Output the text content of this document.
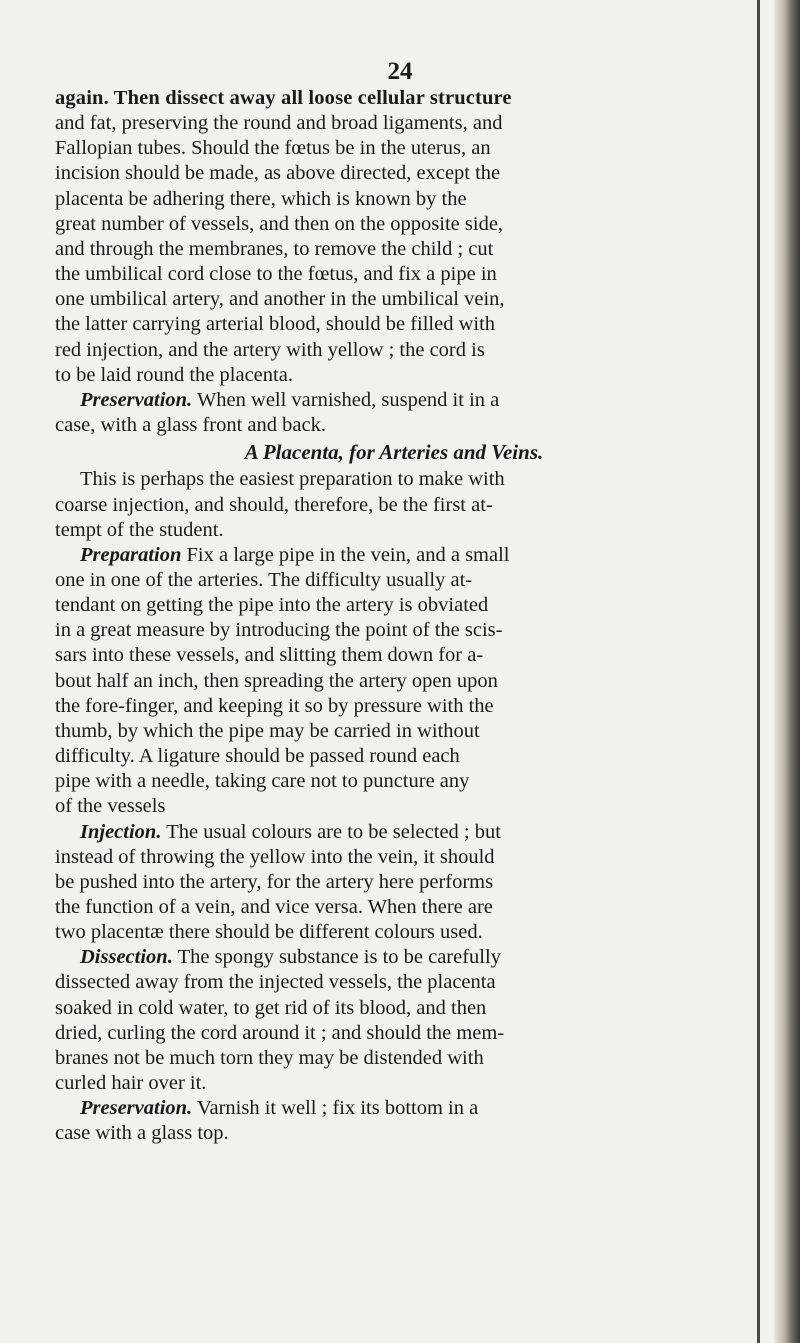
24

again. Then dissect away all loose cellular structure
and fat, preserving the round and broad ligaments, and
Fallopian tubes. Should the fœtus be in the uterus, an
incision should be made, as above directed, except the
placenta be adhering there, which is known by the
great number of vessels, and then on the opposite side,
and through the membranes, to remove the child ; cut
the umbilical cord close to the fœtus, and fix a pipe in
one umbilical artery, and another in the umbilical vein,
the latter carrying arterial blood, should be filled with
red injection, and the artery with yellow ; the cord is
to be laid round the placenta.

Preservation. When well varnished, suspend it in a
case, with a glass front and back.

A Placenta, for Arteries and Veins.

This is perhaps the easiest preparation to make with
coarse injection, and should, therefore, be the first at-
tempt of the student.

Preparation Fix a large pipe in the vein, and a small
one in one of the arteries. The difficulty usually at-
tendant on getting the pipe into the artery is obviated
in a great measure by introducing the point of the scis-
sars into these vessels, and slitting them down for a-
bout half an inch, then spreading the artery open upon
the fore-finger, and keeping it so by pressure with the
thumb, by which the pipe may be carried in without
difficulty. A ligature should be passed round each
pipe with a needle, taking care not to puncture any
of the vessels

Injection. The usual colours are to be selected ; but
instead of throwing the yellow into the vein, it should
be pushed into the artery, for the artery here performs
the function of a vein, and vice versa. When there are
two placentæ there should be different colours used.

Dissection. The spongy substance is to be carefully
dissected away from the injected vessels, the placenta
soaked in cold water, to get rid of its blood, and then
dried, curling the cord around it ; and should the mem-
branes not be much torn they may be distended with
curled hair over it.

Preservation. Varnish it well ; fix its bottom in a
case with a glass top.
